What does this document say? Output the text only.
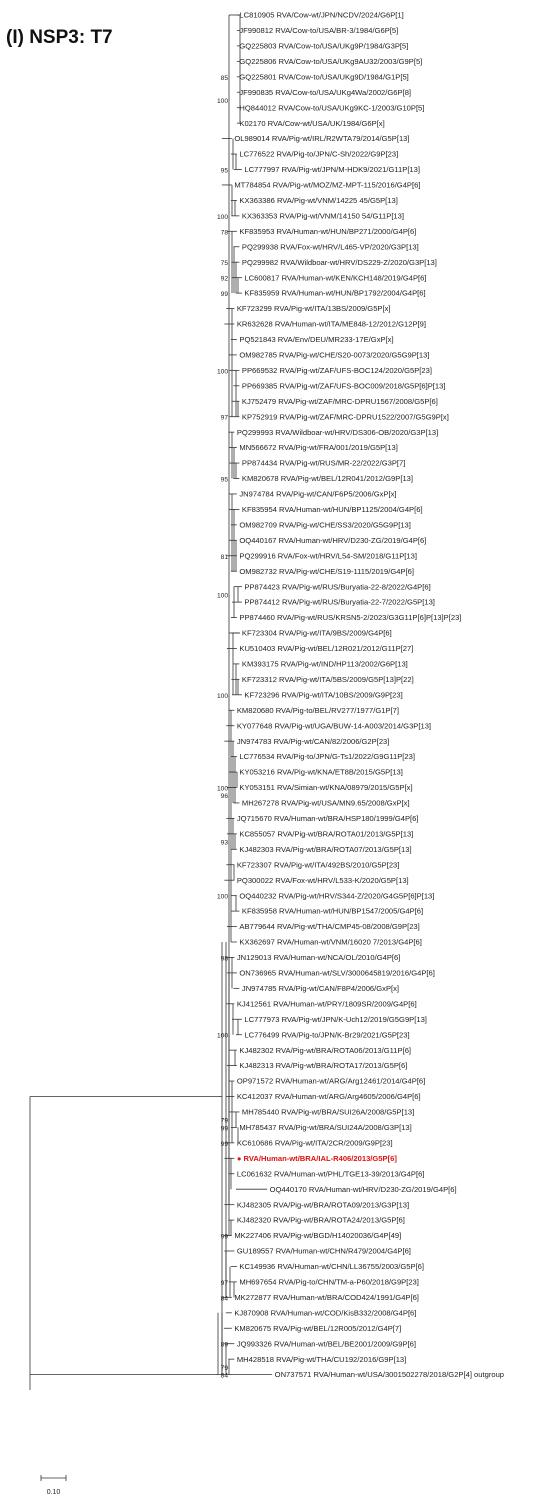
(I) NSP3: T7
LC810905 RVA/Cow-wt/JPN/NCDV/2024/G6P[1]
JF990812 RVA/Cow-to/USA/BR-3/1984/G6P[5]
GQ225803 RVA/Cow-to/USA/UKg9P/1984/G3P[5]
GQ225806 RVA/Cow-to/USA/UKg9AU32/2003/G9P[5]
GQ225801 RVA/Cow-to/USA/UKg9D/1984/G1P[5]
JF990835 RVA/Cow-to/USA/UKg4Wa/2002/G6P[8]
HQ844012 RVA/Cow-to/USA/UKg9KC-1/2003/G10P[5]
K02170 RVA/Cow-wt/USA/UK/1984/G6P[x]
OL989014 RVA/Pig-wt/IRL/R2WTA79/2014/G5P[13]
LC776522 RVA/Pig-to/JPN/C-Sh/2022/G9P[23]
LC777997 RVA/Pig-wt/JPN/M-HDK9/2021/G11P[13]
MT784854 RVA/Pig-wt/MOZ/MZ-MPT-115/2016/G4P[6]
KX363386 RVA/Pig-wt/VNM/14225 45/G5P[13]
KX363353 RVA/Pig-wt/VNM/14150 54/G11P[13]
KF835953 RVA/Human-wt/HUN/BP271/2000/G4P[6]
PQ299938 RVA/Fox-wt/HRV/L465-VP/2020/G3P[13]
PQ299982 RVA/Wildboar-wt/HRV/DS229-Z/2020/G3P[13]
LC600817 RVA/Human-wt/KEN/KCH148/2019/G4P[6]
KF835959 RVA/Human-wt/HUN/BP1792/2004/G4P[6]
KF723299 RVA/Pig-wt/ITA/13BS/2009/G5P[x]
KR632628 RVA/Human-wt/ITA/ME848-12/2012/G12P[9]
PQ521843 RVA/Env/DEU/MR233-17E/GxP[x]
OM982785 RVA/Pig-wt/CHE/S20-0073/2020/G5G9P[13]
PP669532 RVA/Pig-wt/ZAF/UFS-BOC124/2020/G5P[23]
PP669385 RVA/Pig-wt/ZAF/UFS-BOC009/2018/G5P[6]P[13]
KJ752479 RVA/Pig-wt/ZAF/MRC-DPRU1567/2008/G5P[6]
KP752919 RVA/Pig-wt/ZAF/MRC-DPRU1522/2007/G5G9P[x]
PQ299993 RVA/Wildboar-wt/HRV/DS306-OB/2020/G3P[13]
MN566672 RVA/Pig-wt/FRA/001/2019/G5P[13]
PP874434 RVA/Pig-wt/RUS/MR-22/2022/G3P[7]
KM820678 RVA/Pig-wt/BEL/12R041/2012/G9P[13]
JN974784 RVA/Pig-wt/CAN/F6P5/2006/GxP[x]
KF835954 RVA/Human-wt/HUN/BP1125/2004/G4P[6]
OM982709 RVA/Pig-wt/CHE/SS3/2020/G5G9P[13]
OQ440167 RVA/Human-wt/HRV/D230-ZG/2019/G4P[6]
PQ299916 RVA/Fox-wt/HRV/L54-SM/2018/G11P[13]
OM982732 RVA/Pig-wt/CHE/S19-1115/2019/G4P[6]
PP874423 RVA/Pig-wt/RUS/Buryatia-22-8/2022/G4P[6]
PP874412 RVA/Pig-wt/RUS/Buryatia-22-7/2022/G5P[13]
PP874460 RVA/Pig-wt/RUS/KRSN5-2/2023/G3G11P[6]P[13]P[23]
KF723304 RVA/Pig-wt/ITA/9BS/2009/G4P[6]
KU510403 RVA/Pig-wt/BEL/12R021/2012/G11P[27]
KM393175 RVA/Pig-wt/IND/HP113/2002/G6P[13]
KF723312 RVA/Pig-wt/ITA/5BS/2009/G5P[13]P[22]
KF723296 RVA/Pig-wt/ITA/10BS/2009/G9P[23]
KM820680 RVA/Pig-to/BEL/RV277/1977/G1P[7]
KY077648 RVA/Pig-wt/UGA/BUW-14-A003/2014/G3P[13]
JN974783 RVA/Pig-wt/CAN/82/2006/G2P[23]
LC776534 RVA/Pig-to/JPN/G-Ts1/2022/G9G11P[23]
KY053216 RVA/Pig-wt/KNA/ET8B/2015/G5P[13]
KY053151 RVA/Simian-wt/KNA/08979/2015/G5P[x]
MH267278 RVA/Pig-wt/USA/MN9.65/2008/GxP[x]
JQ715670 RVA/Human-wt/BRA/HSP180/1999/G4P[6]
KC855057 RVA/Pig-wt/BRA/ROTA01/2013/G5P[13]
KJ482303 RVA/Pig-wt/BRA/ROTA07/2013/G5P[13]
KF723307 RVA/Pig-wt/ITA/492BS/2010/G5P[23]
PQ300022 RVA/Fox-wt/HRV/L533-K/2020/G5P[13]
OQ440232 RVA/Pig-wt/HRV/S344-Z/2020/G4G5P[6]P[13]
KF835958 RVA/Human-wt/HUN/BP1547/2005/G4P[6]
AB779644 RVA/Pig-wt/THA/CMP45-08/2008/G9P[23]
KX362697 RVA/Human-wt/VNM/16020 7/2013/G4P[6]
JN129013 RVA/Human-wt/NCA/OL/2010/G4P[6]
ON736965 RVA/Human-wt/SLV/3000645819/2016/G4P[6]
JN974785 RVA/Pig-wt/CAN/F8P4/2006/GxP[x]
KJ412561 RVA/Human-wt/PRY/1809SR/2009/G4P[6]
LC777973 RVA/Pig-wt/JPN/K-Uch12/2019/G5G9P[13]
LC776499 RVA/Pig-to/JPN/K-Br29/2021/G5P[23]
KJ482302 RVA/Pig-wt/BRA/ROTA06/2013/G11P[6]
KJ482313 RVA/Pig-wt/BRA/ROTA17/2013/G5P[6]
OP971572 RVA/Human-wt/ARG/Arg12461/2014/G4P[6]
KC412037 RVA/Human-wt/ARG/Arg4605/2006/G4P[6]
MH785440 RVA/Pig-wt/BRA/SUI26A/2008/G5P[13]
MH785437 RVA/Pig-wt/BRA/SUI24A/2008/G3P[13]
KC610686 RVA/Pig-wt/ITA/2CR/2009/G9P[23]
● RVA/Human-wt/BRA/IAL-R406/2013/G5P[6]
LC061632 RVA/Human-wt/PHL/TGE13-39/2013/G4P[6]
OQ440170 RVA/Human-wt/HRV/D230-ZG/2019/G4P[6]
KJ482305 RVA/Pig-wt/BRA/ROTA09/2013/G3P[13]
KJ482320 RVA/Pig-wt/BRA/ROTA24/2013/G5P[6]
MK227406 RVA/Pig-wt/BGD/H14020036/G4P[49]
GU189557 RVA/Human-wt/CHN/R479/2004/G4P[6]
KC149936 RVA/Human-wt/CHN/LL36755/2003/G5P[6]
MH697654 RVA/Pig-to/CHN/TM-a-P60/2018/G9P[23]
MK272877 RVA/Human-wt/BRA/COD424/1991/G4P[6]
KJ870908 RVA/Human-wt/COD/KisB332/2008/G4P[6]
KM820675 RVA/Pig-wt/BEL/12R005/2012/G4P[7]
JQ993326 RVA/Human-wt/BEL/BE2001/2009/G9P[6]
MH428518 RVA/Pig-wt/THA/CU192/2016/G9P[13]
ON737571 RVA/Human-wt/USA/3001502278/2018/G2P[4] outgroup
85
100
95
100
78
75
92
99
100
97
95
81
100
100
100
96
93
100
98
100
79
99
99
99
97
84
89
79
84
0.10
